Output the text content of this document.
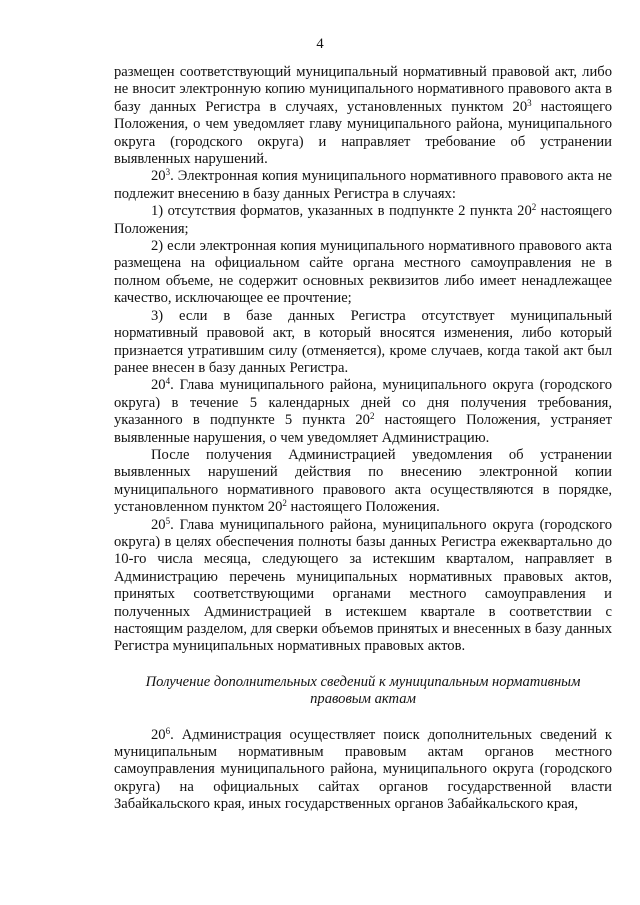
4

размещен соответствующий муниципальный нормативный правовой акт, либо не вносит электронную копию муниципального нормативного правового акта в базу данных Регистра в случаях, установленных пунктом $20^3$ настоящего Положения, о чем уведомляет главу муниципального района, муниципального округа (городского округа) и направляет требование об устранении выявленных нарушений.

$20^3$. Электронная копия муниципального нормативного правового акта не подлежит внесению в базу данных Регистра в случаях:

1) отсутствия форматов, указанных в подпункте 2 пункта $20^2$ настоящего Положения;

2) если электронная копия муниципального нормативного правового акта размещена на официальном сайте органа местного самоуправления не в полном объеме, не содержит основных реквизитов либо имеет ненадлежащее качество, исключающее ее прочтение;

3) если в базе данных Регистра отсутствует муниципальный нормативный правовой акт, в который вносятся изменения, либо который признается утратившим силу (отменяется), кроме случаев, когда такой акт был ранее внесен в базу данных Регистра.

$20^4$. Глава муниципального района, муниципального округа (городского округа) в течение 5 календарных дней со дня получения требования, указанного в подпункте 5 пункта $20^2$ настоящего Положения, устраняет выявленные нарушения, о чем уведомляет Администрацию.

После получения Администрацией уведомления об устранении выявленных нарушений действия по внесению электронной копии муниципального нормативного правового акта осуществляются в порядке, установленном пунктом $20^2$ настоящего Положения.

$20^5$. Глава муниципального района, муниципального округа (городского округа) в целях обеспечения полноты базы данных Регистра ежеквартально до 10-го числа месяца, следующего за истекшим кварталом, направляет в Администрацию перечень муниципальных нормативных правовых актов, принятых соответствующими органами местного самоуправления и полученных Администрацией в истекшем квартале в соответствии с настоящим разделом, для сверки объемов принятых и внесенных в базу данных Регистра муниципальных нормативных правовых актов.

Получение дополнительных сведений к муниципальным нормативным правовым актам

$20^6$. Администрация осуществляет поиск дополнительных сведений к муниципальным нормативным правовым актам органов местного самоуправления муниципального района, муниципального округа (городского округа) на официальных сайтах органов государственной власти Забайкальского края, иных государственных органов Забайкальского края,
